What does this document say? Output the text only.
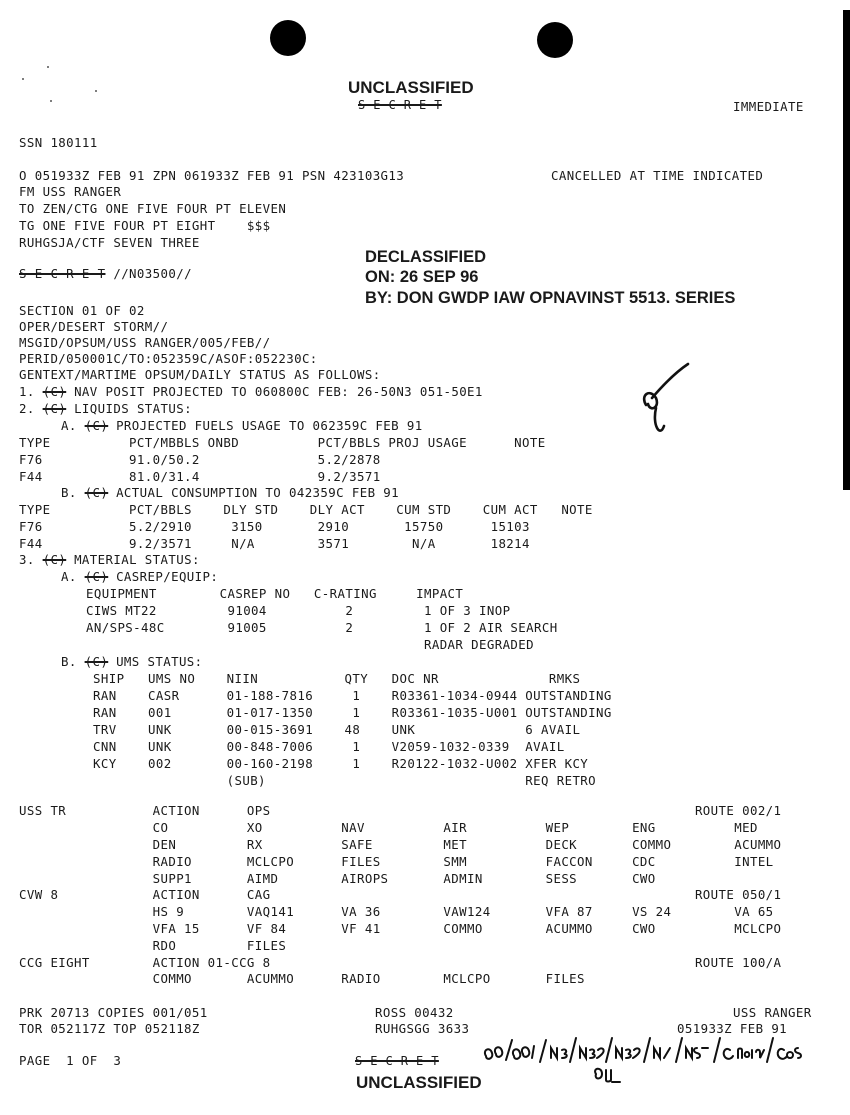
UNCLASSIFIED
S E C R E T	IMMEDIATE
SSN 180111
O 051933Z FEB 91 ZPN 061933Z FEB 91 PSN 423103G13	CANCELLED AT TIME INDICATED
FM USS RANGER
TO ZEN/CTG ONE FIVE FOUR PT ELEVEN
TG ONE FIVE FOUR PT EIGHT    $$$
RUHGSJA/CTF SEVEN THREE
S E C R E T //N03500//
DECLASSIFIED
ON: 26 SEP 96
BY: DON GWDP IAW OPNAVINST 5513. SERIES
SECTION 01 OF 02
OPER/DESERT STORM//
MSGID/OPSUM/USS RANGER/005/FEB//
PERID/050001C/TO:052359C/ASOF:052230C:
GENTEXT/MARTIME OPSUM/DAILY STATUS AS FOLLOWS:
1. (C) NAV POSIT PROJECTED TO 060800C FEB: 26-50N3 051-50E1
2. (C) LIQUIDS STATUS:
A. (C) PROJECTED FUELS USAGE TO 062359C FEB 91
TYPE          PCT/MBBLS ONBD          PCT/BBLS PROJ USAGE      NOTE
F76           91.0/50.2               5.2/2878
F44           81.0/31.4               9.2/3571
B. (C) ACTUAL CONSUMPTION TO 042359C FEB 91
TYPE          PCT/BBLS    DLY STD    DLY ACT    CUM STD    CUM ACT   NOTE
F76           5.2/2910     3150       2910       15750      15103
F44           9.2/3571     N/A        3571        N/A       18214
3. (C) MATERIAL STATUS:
A. (C) CASREP/EQUIP:
EQUIPMENT        CASREP NO   C-RATING     IMPACT
CIWS MT22         91004          2         1 OF 3 INOP
AN/SPS-48C        91005          2         1 OF 2 AIR SEARCH
RADAR DEGRADED
B. (C) UMS STATUS:
SHIP   UMS NO    NIIN           QTY   DOC NR              RMKS
RAN    CASR      01-188-7816     1    R03361-1034-0944 OUTSTANDING
RAN    001       01-017-1350     1    R03361-1035-U001 OUTSTANDING
TRV    UNK       00-015-3691    48    UNK              6 AVAIL
CNN    UNK       00-848-7006     1    V2059-1032-0339  AVAIL
KCY    002       00-160-2198     1    R20122-1032-U002 XFER KCY
(SUB)                                 REQ RETRO
USS TR           ACTION      OPS                                                      ROUTE 002/1
CO          XO          NAV          AIR          WEP        ENG          MED
DEN         RX          SAFE         MET          DECK       COMMO        ACUMMO
RADIO       MCLCPO      FILES        SMM          FACCON     CDC          INTEL
SUPP1       AIMD        AIROPS       ADMIN        SESS       CWO
CVW 8            ACTION      CAG                                                      ROUTE 050/1
HS 9        VAQ141      VA 36        VAW124       VFA 87     VS 24        VA 65
VFA 15      VF 84       VF 41        COMMO        ACUMMO     CWO          MCLCPO
RDO         FILES
CCG EIGHT        ACTION 01-CCG 8                                                      ROUTE 100/A
COMMO       ACUMMO      RADIO        MCLCPO       FILES
PRK 20713 COPIES 001/051
TOR 052117Z TOP 052118Z
PAGE  1 OF  3
ROSS 00432
RUHGSGG 3633
USS RANGER
051933Z FEB 91
S E C R E T
UNCLASSIFIED
